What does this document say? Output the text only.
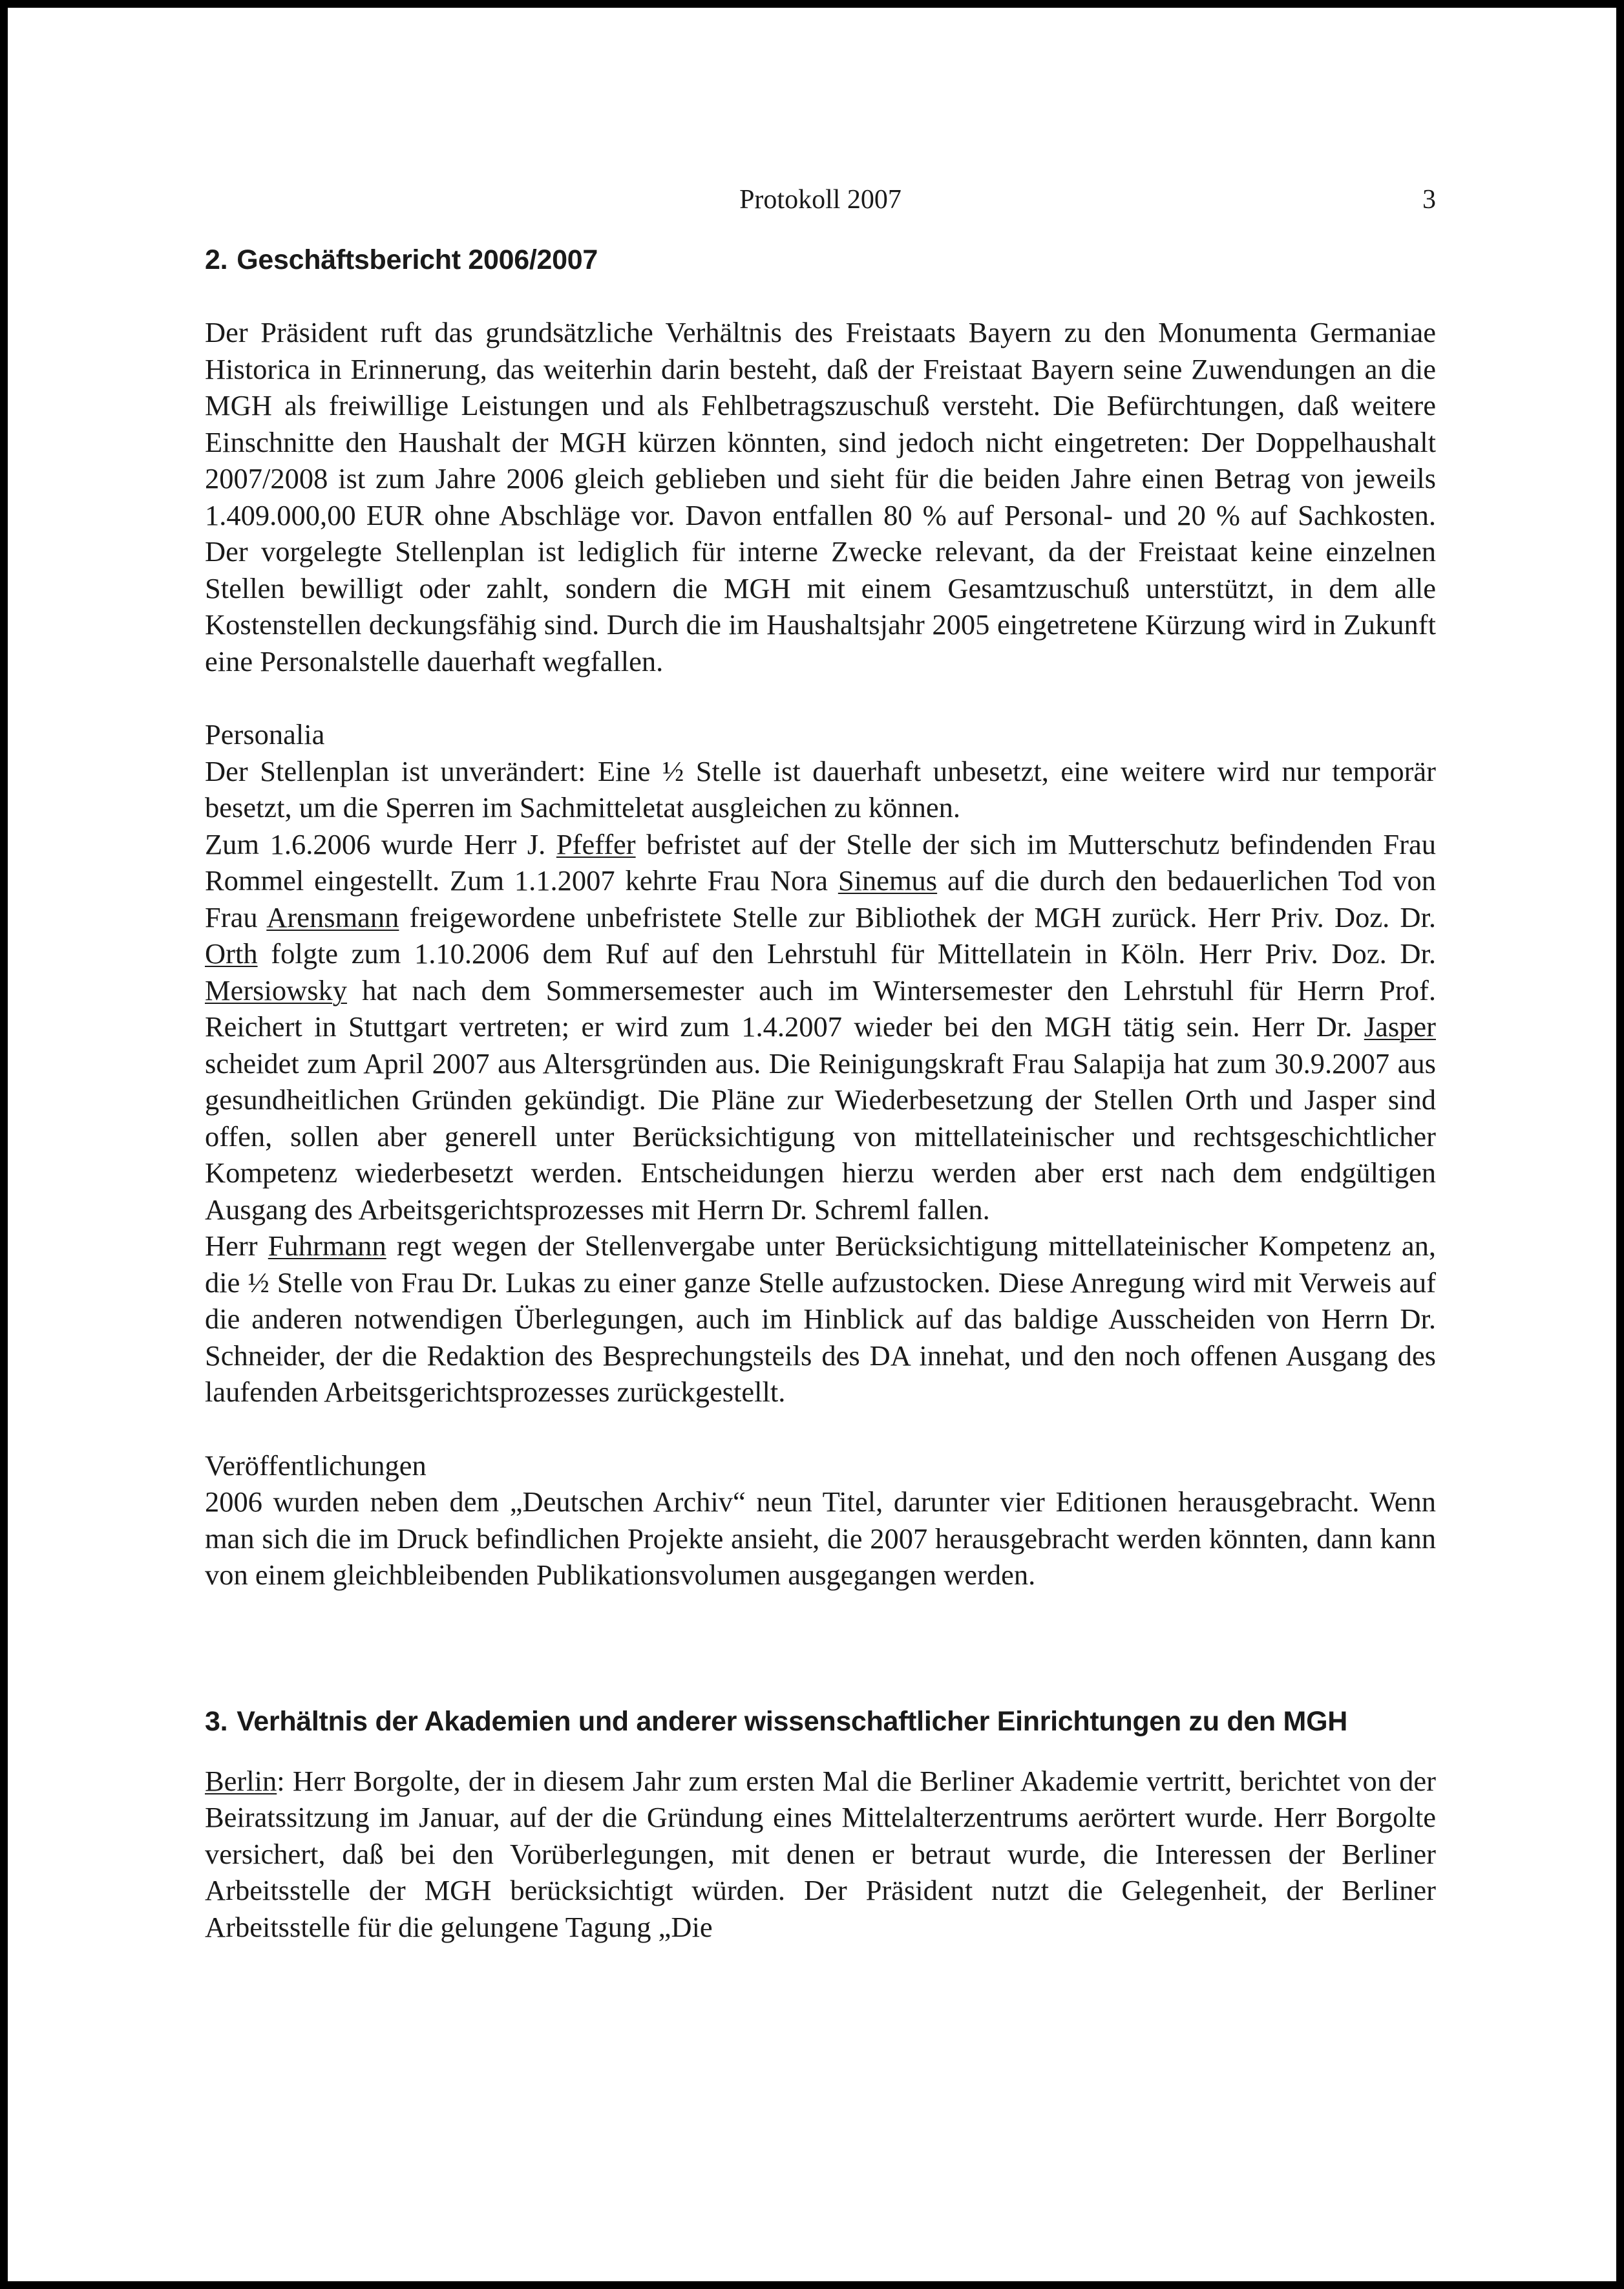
Protokoll 2007	3
2. Geschäftsbericht 2006/2007

Der Präsident ruft das grundsätzliche Verhältnis des Freistaats Bayern zu den Monumenta Germaniae Historica in Erinnerung, das weiterhin darin besteht, daß der Freistaat Bayern seine Zuwendungen an die MGH als freiwillige Leistungen und als Fehlbetragszuschuß versteht. Die Befürchtungen, daß weitere Einschnitte den Haushalt der MGH kürzen könnten, sind jedoch nicht eingetreten: Der Doppelhaushalt 2007/2008 ist zum Jahre 2006 gleich geblieben und sieht für die beiden Jahre einen Betrag von jeweils 1.409.000,00 EUR ohne Abschläge vor. Davon entfallen 80 % auf Personal- und 20 % auf Sachkosten. Der vorgelegte Stellenplan ist lediglich für interne Zwecke relevant, da der Freistaat keine einzelnen Stellen bewilligt oder zahlt, sondern die MGH mit einem Gesamtzuschuß unterstützt, in dem alle Kostenstellen deckungsfähig sind. Durch die im Haushaltsjahr 2005 eingetretene Kürzung wird in Zukunft eine Personalstelle dauerhaft wegfallen.

Personalia

Der Stellenplan ist unverändert: Eine ½ Stelle ist dauerhaft unbesetzt, eine weitere wird nur temporär besetzt, um die Sperren im Sachmitteletat ausgleichen zu können.

Zum 1.6.2006 wurde Herr J. Pfeffer befristet auf der Stelle der sich im Mutterschutz befindenden Frau Rommel eingestellt. Zum 1.1.2007 kehrte Frau Nora Sinemus auf die durch den bedauerlichen Tod von Frau Arensmann freigewordene unbefristete Stelle zur Bibliothek der MGH zurück. Herr Priv. Doz. Dr. Orth folgte zum 1.10.2006 dem Ruf auf den Lehrstuhl für Mittellatein in Köln. Herr Priv. Doz. Dr. Mersiowsky hat nach dem Sommersemester auch im Wintersemester den Lehrstuhl für Herrn Prof. Reichert in Stuttgart vertreten; er wird zum 1.4.2007 wieder bei den MGH tätig sein. Herr Dr. Jasper scheidet zum April 2007 aus Altersgründen aus. Die Reinigungskraft Frau Salapija hat zum 30.9.2007 aus gesundheitlichen Gründen gekündigt. Die Pläne zur Wiederbesetzung der Stellen Orth und Jasper sind offen, sollen aber generell unter Berücksichtigung von mittellateinischer und rechtsgeschichtlicher Kompetenz wiederbesetzt werden. Entscheidungen hierzu werden aber erst nach dem endgültigen Ausgang des Arbeitsgerichtsprozesses mit Herrn Dr. Schreml fallen.

Herr Fuhrmann regt wegen der Stellenvergabe unter Berücksichtigung mittellateinischer Kompetenz an, die ½ Stelle von Frau Dr. Lukas zu einer ganze Stelle aufzustocken. Diese Anregung wird mit Verweis auf die anderen notwendigen Überlegungen, auch im Hinblick auf das baldige Ausscheiden von Herrn Dr. Schneider, der die Redaktion des Besprechungsteils des DA innehat, und den noch offenen Ausgang des laufenden Arbeitsgerichtsprozesses zurückgestellt.

Veröffentlichungen

2006 wurden neben dem „Deutschen Archiv“ neun Titel, darunter vier Editionen herausgebracht. Wenn man sich die im Druck befindlichen Projekte ansieht, die 2007 herausgebracht werden könnten, dann kann von einem gleichbleibenden Publikationsvolumen ausgegangen werden.

3. Verhältnis der Akademien und anderer wissenschaftlicher Einrichtungen zu den MGH

Berlin: Herr Borgolte, der in diesem Jahr zum ersten Mal die Berliner Akademie vertritt, berichtet von der Beiratssitzung im Januar, auf der die Gründung eines Mittelalterzentrums aerörtert wurde. Herr Borgolte versichert, daß bei den Vorüberlegungen, mit denen er betraut wurde, die Interessen der Berliner Arbeitsstelle der MGH berücksichtigt würden. Der Präsident nutzt die Gelegenheit, der Berliner Arbeitsstelle für die gelungene Tagung „Die
